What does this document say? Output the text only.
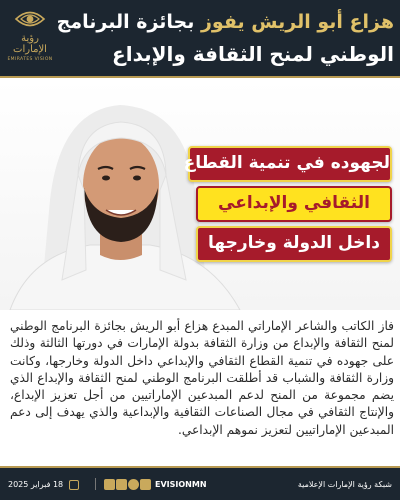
رؤية الإمارات
EMIRATES VISION
هزاع أبو الريش يفوز بجائزة البرنامج
الوطني لمنح الثقافة والإبداع
لجهوده في تنمية القطاع
الثقافي والإبداعي
داخل الدولة وخارجها

فاز الكاتب والشاعر الإماراتي المبدع هزاع أبو الريش بجائزة البرنامج الوطني لمنح الثقافة والإبداع من وزارة الثقافة بدولة الإمارات في دورتها الثالثة وذلك على جهوده في تنمية القطاع الثقافي والإبداعي داخل الدولة وخارجها، وكانت وزارة الثقافة والشباب قد أطلقت البرنامج الوطني لمنح الثقافة والإبداع الذي يضم مجموعة من المنح لدعم المبدعين الإماراتيين من أجل تعزيز الإبداع، والإنتاج الثقافي في مجال الصناعات الثقافية والإبداعية والذي يهدف إلى دعم المبدعين الإماراتيين لتعزيز نموهم الإبداعي.

18 فبراير 2025	EVISIONMN	شبكة رؤية الإمارات الإعلامية
